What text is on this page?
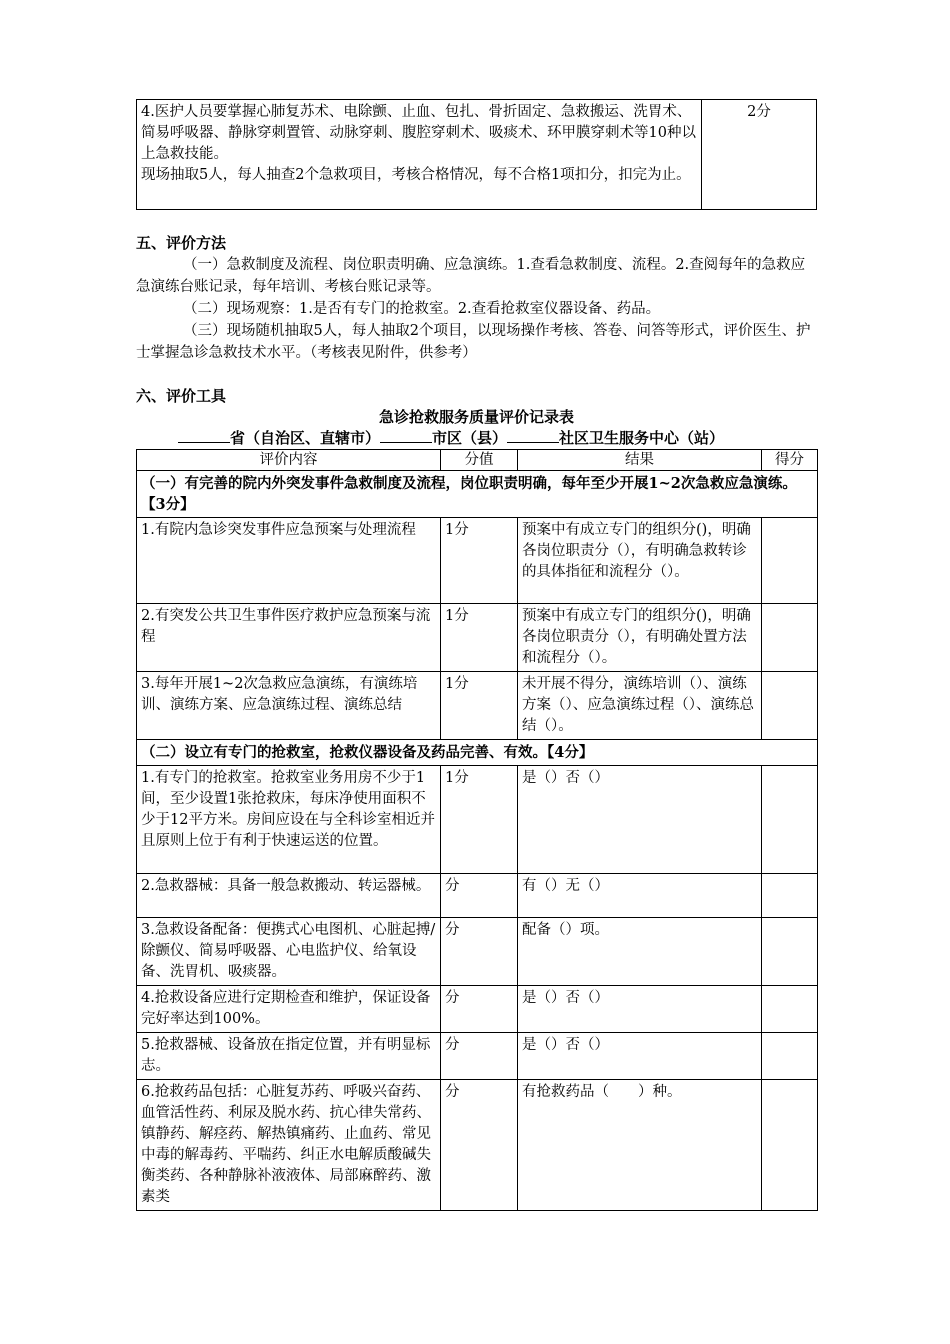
4.医护人员要掌握心肺复苏术、电除颤、止血、包扎、骨折固定、急救搬运、洗胃术、简易呼吸器、静脉穿刺置管、动脉穿刺、腹腔穿刺术、吸痰术、环甲膜穿刺术等10种以上急救技能。
现场抽取5人，每人抽查2个急救项目，考核合格情况，每不合格1项扣分，扣完为止。
	2分
五、评价方法
（一）急救制度及流程、岗位职责明确、应急演练。1.查看急救制度、流程。2.查阅每年的急救应急演练台账记录，每年培训、考核台账记录等。
（二）现场观察：1.是否有专门的抢救室。2.查看抢救室仪器设备、药品。
（三）现场随机抽取5人，每人抽取2个项目，以现场操作考核、答卷、问答等形式，评价医生、护士掌握急诊急救技术水平。（考核表见附件，供参考）
六、评价工具
急诊抢救服务质量评价记录表
省（自治区、直辖市）	市区（县）	社区卫生服务中心（站）
评价内容	分值	结果	得分
（一）有完善的院内外突发事件急救制度及流程，岗位职责明确，每年至少开展1~2次急救应急演练。【3分】			
1.有院内急诊突发事件应急预案与处理流程	1分	预案中有成立专门的组织分()，明确各岗位职责分（），有明确急救转诊的具体指征和流程分（）。	
2.有突发公共卫生事件医疗救护应急预案与流程	1分	预案中有成立专门的组织分()，明确各岗位职责分（），有明确处置方法和流程分（）。	
3.每年开展1~2次急救应急演练，有演练培训、演练方案、应急演练过程、演练总结	1分	未开展不得分，演练培训（）、演练方案（）、应急演练过程（）、演练总结（）。	
（二）设立有专门的抢救室，抢救仪器设备及药品完善、有效。【4分】			
1.有专门的抢救室。抢救室业务用房不少于1间，至少设置1张抢救床，每床净使用面积不少于12平方米。房间应设在与全科诊室相近并且原则上位于有利于快速运送的位置。	1分	是（）否（）	
2.急救器械：具备一般急救搬动、转运器械。	分	有（）无（）	
3.急救设备配备：便携式心电图机、心脏起搏/除颤仪、简易呼吸器、心电监护仪、给氧设备、洗胃机、吸痰器。	分	配备（）项。	
4.抢救设备应进行定期检查和维护，保证设备完好率达到100%。	分	是（）否（）	
5.抢救器械、设备放在指定位置，并有明显标志。	分	是（）否（）	
6.抢救药品包括：心脏复苏药、呼吸兴奋药、血管活性药、利尿及脱水药、抗心律失常药、镇静药、解痉药、解热镇痛药、止血药、常见中毒的解毒药、平喘药、纠正水电解质酸碱失衡类药、各种静脉补液液体、局部麻醉药、激素类	分	有抢救药品（　　）种。	
